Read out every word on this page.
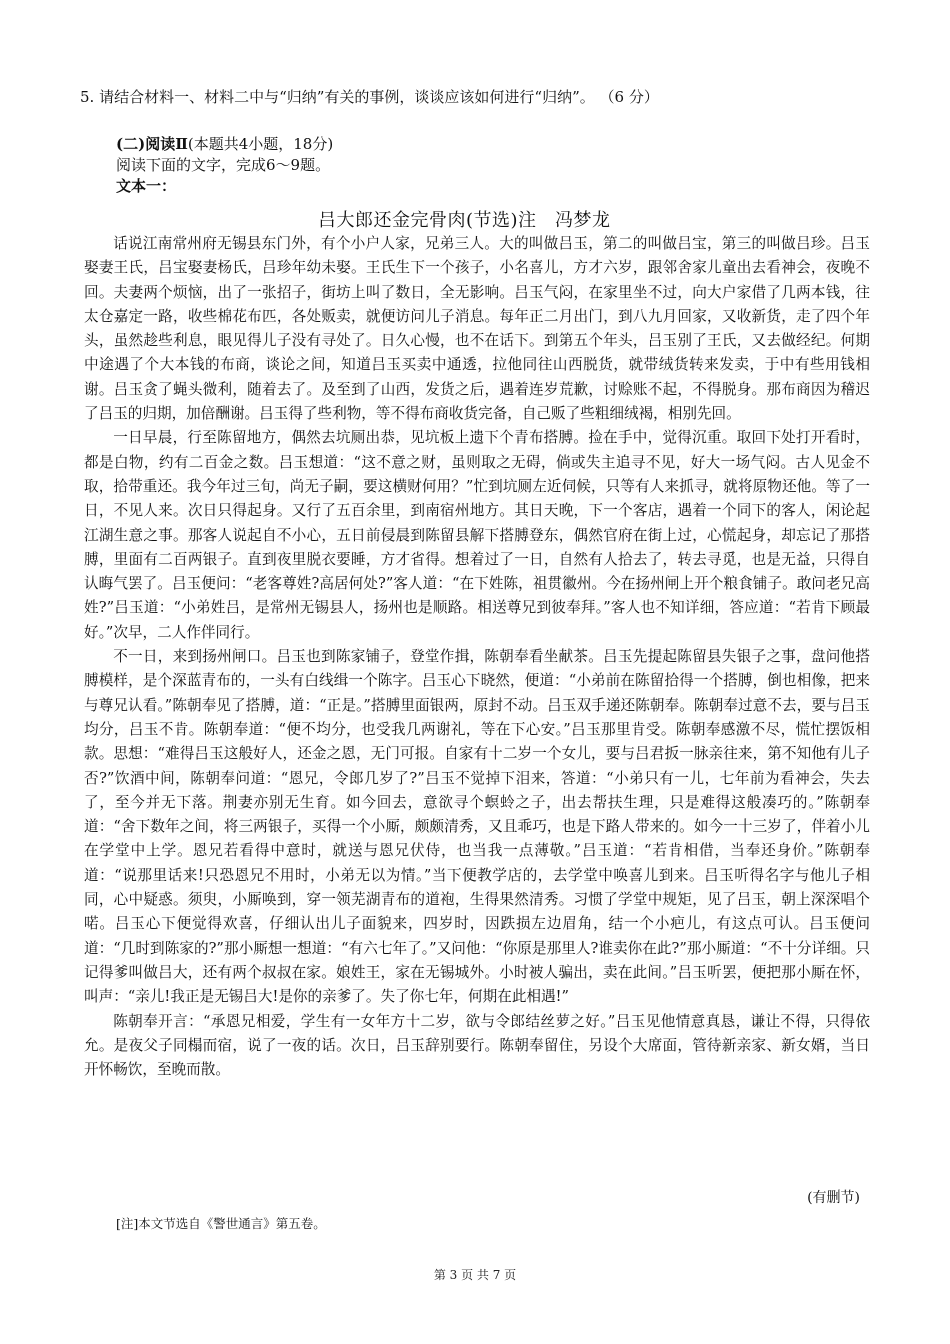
5. 请结合材料一、材料二中与“归纳”有关的事例，谈谈应该如何进行“归纳”。 （6 分）
(二)阅读Ⅱ(本题共4小题，18分)
阅读下面的文字，完成6～9题。
文本一：
吕大郎还金完骨肉(节选)注　冯梦龙

话说江南常州府无锡县东门外，有个小户人家，兄弟三人。大的叫做吕玉，第二的叫做吕宝，第三的叫做吕珍。吕玉娶妻王氏，吕宝娶妻杨氏，吕珍年幼未娶。王氏生下一个孩子，小名喜儿，方才六岁，跟邻舍家儿童出去看神会，夜晚不回。夫妻两个烦恼，出了一张招子，街坊上叫了数日，全无影响。吕玉气闷，在家里坐不过，向大户家借了几两本钱，往太仓嘉定一路，收些棉花布匹，各处贩卖，就便访问儿子消息。每年正二月出门，到八九月回家，又收新货，走了四个年头，虽然趁些利息，眼见得儿子没有寻处了。日久心慢，也不在话下。到第五个年头，吕玉别了王氏，又去做经纪。何期中途遇了个大本钱的布商，谈论之间，知道吕玉买卖中通透，拉他同往山西脱货，就带绒货转来发卖，于中有些用钱相谢。吕玉贪了蝇头微利，随着去了。及至到了山西，发货之后，遇着连岁荒歉，讨赊账不起，不得脱身。那布商因为稽迟了吕玉的归期，加倍酬谢。吕玉得了些利物，等不得布商收货完备，自己贩了些粗细绒褐，相别先回。

一日早晨，行至陈留地方，偶然去坑厕出恭，见坑板上遗下个青布搭膊。捡在手中，觉得沉重。取回下处打开看时，都是白物，约有二百金之数。吕玉想道：“这不意之财，虽则取之无碍，倘或失主追寻不见，好大一场气闷。古人见金不取，拾带重还。我今年过三旬，尚无子嗣，要这横财何用？”忙到坑厕左近伺候，只等有人来抓寻，就将原物还他。等了一日，不见人来。次日只得起身。又行了五百余里，到南宿州地方。其日天晚，下一个客店，遇着一个同下的客人，闲论起江湖生意之事。那客人说起自不小心，五日前侵晨到陈留县解下搭膊登东，偶然官府在街上过，心慌起身，却忘记了那搭膊，里面有二百两银子。直到夜里脱衣要睡，方才省得。想着过了一日，自然有人拾去了，转去寻觅，也是无益，只得自认晦气罢了。吕玉便问：“老客尊姓?高居何处?”客人道：“在下姓陈，祖贯徽州。今在扬州闸上开个粮食铺子。敢问老兄高姓?”吕玉道：“小弟姓吕，是常州无锡县人，扬州也是顺路。相送尊兄到彼奉拜。”客人也不知详细，答应道：“若肯下顾最好。”次早，二人作伴同行。

不一日，来到扬州闸口。吕玉也到陈家铺子，登堂作揖，陈朝奉看坐献茶。吕玉先提起陈留县失银子之事，盘问他搭膊模样，是个深蓝青布的，一头有白线缉一个陈字。吕玉心下晓然，便道：“小弟前在陈留拾得一个搭膊，倒也相像，把来与尊兄认看。”陈朝奉见了搭膊，道：“正是。”搭膊里面银两，原封不动。吕玉双手递还陈朝奉。陈朝奉过意不去，要与吕玉均分，吕玉不肯。陈朝奉道：“便不均分，也受我几两谢礼，等在下心安。”吕玉那里肯受。陈朝奉感激不尽，慌忙摆饭相款。思想：“难得吕玉这般好人，还金之恩，无门可报。自家有十二岁一个女儿，要与吕君扳一脉亲往来，第不知他有儿子否?”饮酒中间，陈朝奉问道：“恩兄，令郎几岁了?”吕玉不觉掉下泪来，答道：“小弟只有一儿，七年前为看神会，失去了，至今并无下落。荆妻亦别无生育。如今回去，意欲寻个螟蛉之子，出去帮扶生理，只是难得这般凑巧的。”陈朝奉道：“舍下数年之间，将三两银子，买得一个小厮，颇颇清秀，又且乖巧，也是下路人带来的。如今一十三岁了，伴着小儿在学堂中上学。恩兄若看得中意时，就送与恩兄伏侍，也当我一点薄敬。”吕玉道：“若肯相借，当奉还身价。”陈朝奉道：“说那里话来!只恐恩兄不用时，小弟无以为情。”当下便教学店的，去学堂中唤喜儿到来。吕玉听得名字与他儿子相同，心中疑惑。须臾，小厮唤到，穿一领芜湖青布的道袍，生得果然清秀。习惯了学堂中规矩，见了吕玉，朝上深深唱个喏。吕玉心下便觉得欢喜，仔细认出儿子面貌来，四岁时，因跌损左边眉角，结一个小疤儿，有这点可认。吕玉便问道：“几时到陈家的?”那小厮想一想道：“有六七年了。”又问他：“你原是那里人?谁卖你在此?”那小厮道：“不十分详细。只记得爹叫做吕大，还有两个叔叔在家。娘姓王，家在无锡城外。小时被人骗出，卖在此间。”吕玉听罢，便把那小厮在怀，叫声：“亲儿!我正是无锡吕大!是你的亲爹了。失了你七年，何期在此相遇!”

陈朝奉开言：“承恩兄相爱，学生有一女年方十二岁，欲与令郎结丝萝之好。”吕玉见他情意真恳，谦让不得，只得依允。是夜父子同榻而宿，说了一夜的话。次日，吕玉辞别要行。陈朝奉留住，另设个大席面，管待新亲家、新女婿，当日开怀畅饮，至晚而散。

(有删节)
[注]本文节选自《警世通言》第五卷。
第 3 页 共 7 页
